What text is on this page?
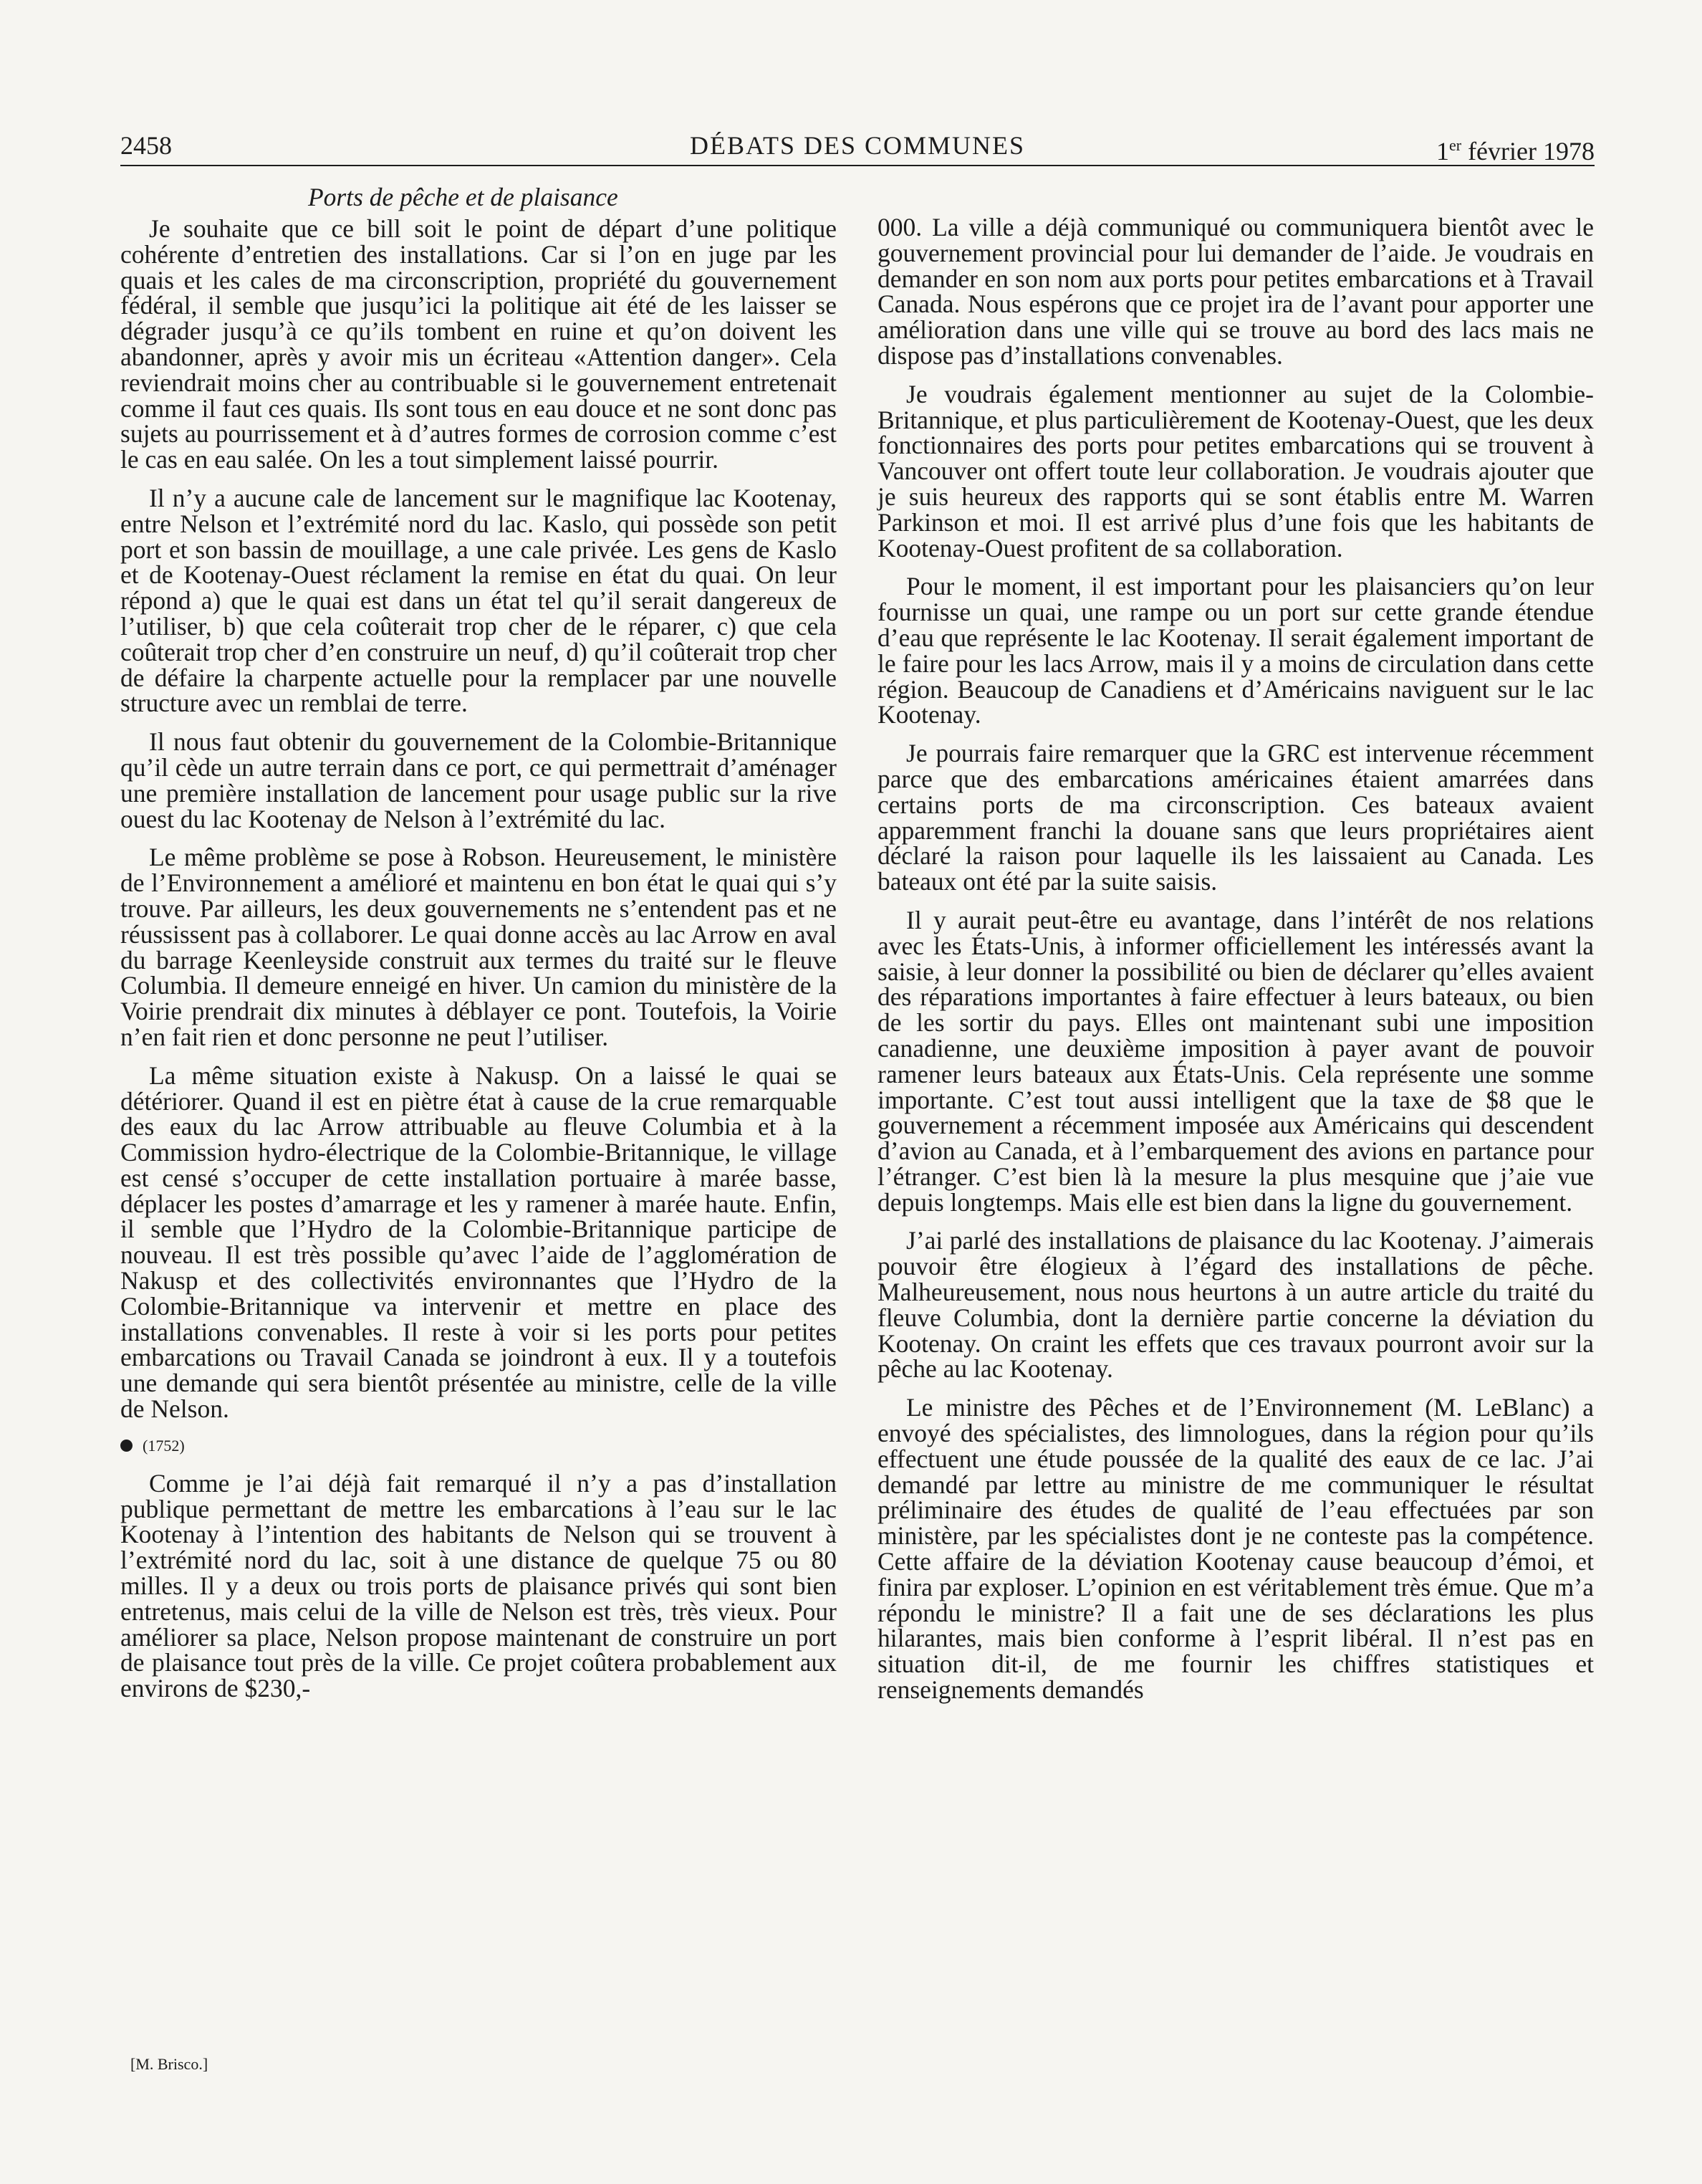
2458	DÉBATS DES COMMUNES	1er février 1978
Ports de pêche et de plaisance

Je souhaite que ce bill soit le point de départ d’une politique cohérente d’entretien des installations. Car si l’on en juge par les quais et les cales de ma circonscription, propriété du gouvernement fédéral, il semble que jusqu’ici la politique ait été de les laisser se dégrader jusqu’à ce qu’ils tombent en ruine et qu’on doivent les abandonner, après y avoir mis un écriteau «Attention danger». Cela reviendrait moins cher au contribuable si le gouvernement entretenait comme il faut ces quais. Ils sont tous en eau douce et ne sont donc pas sujets au pourrissement et à d’autres formes de corrosion comme c’est le cas en eau salée. On les a tout simplement laissé pourrir.

Il n’y a aucune cale de lancement sur le magnifique lac Kootenay, entre Nelson et l’extrémité nord du lac. Kaslo, qui possède son petit port et son bassin de mouillage, a une cale privée. Les gens de Kaslo et de Kootenay-Ouest réclament la remise en état du quai. On leur répond a) que le quai est dans un état tel qu’il serait dangereux de l’utiliser, b) que cela coûterait trop cher de le réparer, c) que cela coûterait trop cher d’en construire un neuf, d) qu’il coûterait trop cher de défaire la charpente actuelle pour la remplacer par une nouvelle structure avec un remblai de terre.

Il nous faut obtenir du gouvernement de la Colombie-Britannique qu’il cède un autre terrain dans ce port, ce qui permettrait d’aménager une première installation de lancement pour usage public sur la rive ouest du lac Kootenay de Nelson à l’extrémité du lac.

Le même problème se pose à Robson. Heureusement, le ministère de l’Environnement a amélioré et maintenu en bon état le quai qui s’y trouve. Par ailleurs, les deux gouvernements ne s’entendent pas et ne réussissent pas à collaborer. Le quai donne accès au lac Arrow en aval du barrage Keenleyside construit aux termes du traité sur le fleuve Columbia. Il demeure enneigé en hiver. Un camion du ministère de la Voirie prendrait dix minutes à déblayer ce pont. Toutefois, la Voirie n’en fait rien et donc personne ne peut l’utiliser.

La même situation existe à Nakusp. On a laissé le quai se détériorer. Quand il est en piètre état à cause de la crue remarquable des eaux du lac Arrow attribuable au fleuve Columbia et à la Commission hydro-électrique de la Colombie-Britannique, le village est censé s’occuper de cette installation portuaire à marée basse, déplacer les postes d’amarrage et les y ramener à marée haute. Enfin, il semble que l’Hydro de la Colombie-Britannique participe de nouveau. Il est très possible qu’avec l’aide de l’agglomération de Nakusp et des collectivités environnantes que l’Hydro de la Colombie-Britannique va intervenir et mettre en place des installations convenables. Il reste à voir si les ports pour petites embarcations ou Travail Canada se joindront à eux. Il y a toutefois une demande qui sera bientôt présentée au ministre, celle de la ville de Nelson.

(1752)

Comme je l’ai déjà fait remarqué il n’y a pas d’installation publique permettant de mettre les embarcations à l’eau sur le lac Kootenay à l’intention des habitants de Nelson qui se trouvent à l’extrémité nord du lac, soit à une distance de quelque 75 ou 80 milles. Il y a deux ou trois ports de plaisance privés qui sont bien entretenus, mais celui de la ville de Nelson est très, très vieux. Pour améliorer sa place, Nelson propose maintenant de construire un port de plaisance tout près de la ville. Ce projet coûtera probablement aux environs de $230,-

000. La ville a déjà communiqué ou communiquera bientôt avec le gouvernement provincial pour lui demander de l’aide. Je voudrais en demander en son nom aux ports pour petites embarcations et à Travail Canada. Nous espérons que ce projet ira de l’avant pour apporter une amélioration dans une ville qui se trouve au bord des lacs mais ne dispose pas d’installations convenables.

Je voudrais également mentionner au sujet de la Colombie-Britannique, et plus particulièrement de Kootenay-Ouest, que les deux fonctionnaires des ports pour petites embarcations qui se trouvent à Vancouver ont offert toute leur collaboration. Je voudrais ajouter que je suis heureux des rapports qui se sont établis entre M. Warren Parkinson et moi. Il est arrivé plus d’une fois que les habitants de Kootenay-Ouest profitent de sa collaboration.

Pour le moment, il est important pour les plaisanciers qu’on leur fournisse un quai, une rampe ou un port sur cette grande étendue d’eau que représente le lac Kootenay. Il serait également important de le faire pour les lacs Arrow, mais il y a moins de circulation dans cette région. Beaucoup de Canadiens et d’Américains naviguent sur le lac Kootenay.

Je pourrais faire remarquer que la GRC est intervenue récemment parce que des embarcations américaines étaient amarrées dans certains ports de ma circonscription. Ces bateaux avaient apparemment franchi la douane sans que leurs propriétaires aient déclaré la raison pour laquelle ils les laissaient au Canada. Les bateaux ont été par la suite saisis.

Il y aurait peut-être eu avantage, dans l’intérêt de nos relations avec les États-Unis, à informer officiellement les intéressés avant la saisie, à leur donner la possibilité ou bien de déclarer qu’elles avaient des réparations importantes à faire effectuer à leurs bateaux, ou bien de les sortir du pays. Elles ont maintenant subi une imposition canadienne, une deuxième imposition à payer avant de pouvoir ramener leurs bateaux aux États-Unis. Cela représente une somme importante. C’est tout aussi intelligent que la taxe de $8 que le gouvernement a récemment imposée aux Américains qui descendent d’avion au Canada, et à l’embarquement des avions en partance pour l’étranger. C’est bien là la mesure la plus mesquine que j’aie vue depuis longtemps. Mais elle est bien dans la ligne du gouvernement.

J’ai parlé des installations de plaisance du lac Kootenay. J’aimerais pouvoir être élogieux à l’égard des installations de pêche. Malheureusement, nous nous heurtons à un autre article du traité du fleuve Columbia, dont la dernière partie concerne la déviation du Kootenay. On craint les effets que ces travaux pourront avoir sur la pêche au lac Kootenay.

Le ministre des Pêches et de l’Environnement (M. LeBlanc) a envoyé des spécialistes, des limnologues, dans la région pour qu’ils effectuent une étude poussée de la qualité des eaux de ce lac. J’ai demandé par lettre au ministre de me communiquer le résultat préliminaire des études de qualité de l’eau effectuées par son ministère, par les spécialistes dont je ne conteste pas la compétence. Cette affaire de la déviation Kootenay cause beaucoup d’émoi, et finira par exploser. L’opinion en est véritablement très émue. Que m’a répondu le ministre? Il a fait une de ses déclarations les plus hilarantes, mais bien conforme à l’esprit libéral. Il n’est pas en situation dit-il, de me fournir les chiffres statistiques et renseignements demandés

[M. Brisco.]
